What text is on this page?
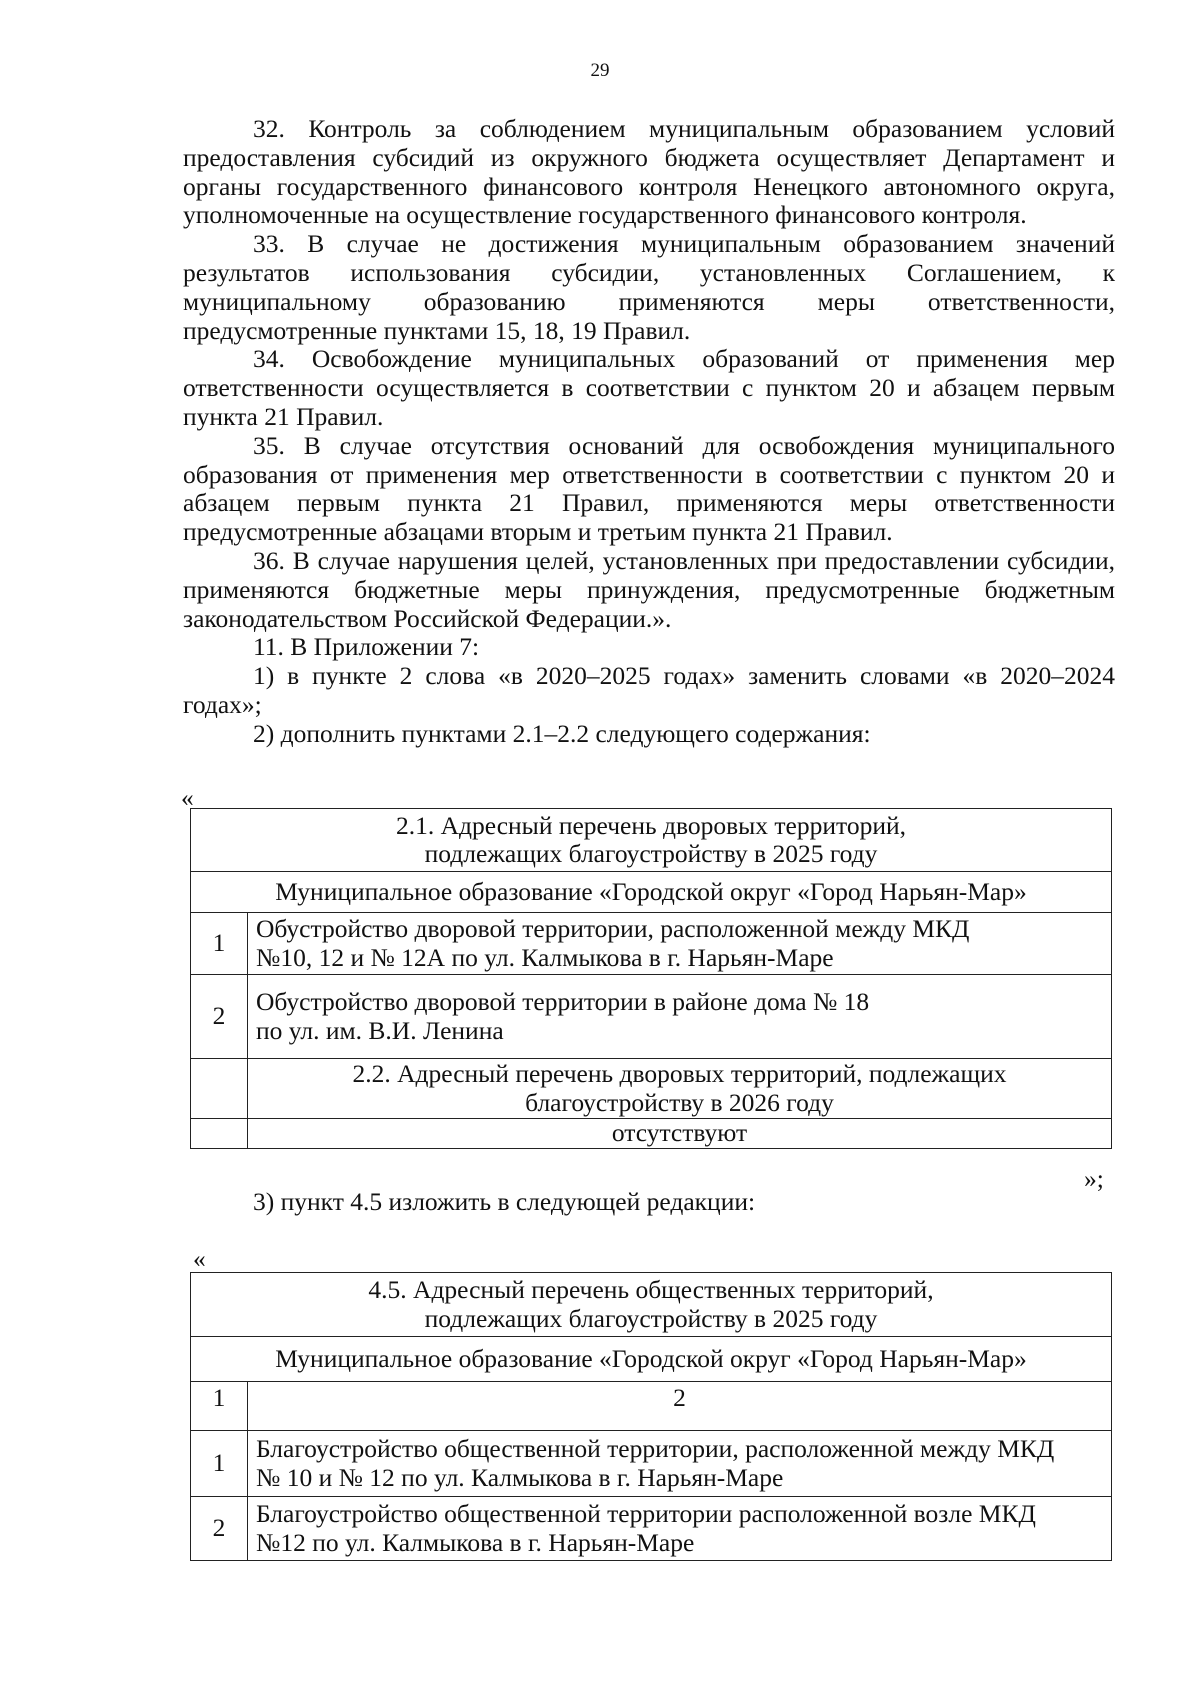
29

32. Контроль за соблюдением муниципальным образованием условий предоставления субсидий из окружного бюджета осуществляет Департамент и органы государственного финансового контроля Ненецкого автономного округа, уполномоченные на осуществление государственного финансового контроля.

33. В случае не достижения муниципальным образованием значений результатов использования субсидии, установленных Соглашением, к муниципальному образованию применяются меры ответственности, предусмотренные пунктами 15, 18, 19 Правил.

34. Освобождение муниципальных образований от применения мер ответственности осуществляется в соответствии с пунктом 20 и абзацем первым пункта 21 Правил.

35. В случае отсутствия оснований для освобождения муниципального образования от применения мер ответственности в соответствии с пунктом 20 и абзацем первым пункта 21 Правил, применяются меры ответственности предусмотренные абзацами вторым и третьим пункта 21 Правил.

36. В случае нарушения целей, установленных при предоставлении субсидии, применяются бюджетные меры принуждения, предусмотренные бюджетным законодательством Российской Федерации.».

11. В Приложении 7:

1) в пункте 2 слова «в 2020–2025 годах» заменить словами «в 2020–2024 годах»;

2) дополнить пунктами 2.1–2.2 следующего содержания:

«
2.1. Адресный перечень дворовых территорий,
подлежащих благоустройству в 2025 году	

Муниципальное образование «Городской округ «Город Нарьян-Мар»	
1	Обустройство дворовой территории, расположенной между МКД
№10, 12 и № 12А по ул. Калмыкова в г. Нарьян-Маре

2	Обустройство дворовой территории в районе дома № 18
по ул. им. В.И. Ленина

	2.2. Адресный перечень дворовых территорий, подлежащих
благоустройству в 2026 году

	отсутствуют
»;
3) пункт 4.5 изложить в следующей редакции:
«
4.5. Адресный перечень общественных территорий,
подлежащих благоустройству в 2025 году	

Муниципальное образование «Городской округ «Город Нарьян-Мар»	
1	2
1	Благоустройство общественной территории, расположенной между МКД
№ 10 и № 12 по ул. Калмыкова в г. Нарьян-Маре

2	Благоустройство общественной территории расположенной возле МКД
№12 по ул. Калмыкова в г. Нарьян-Маре
